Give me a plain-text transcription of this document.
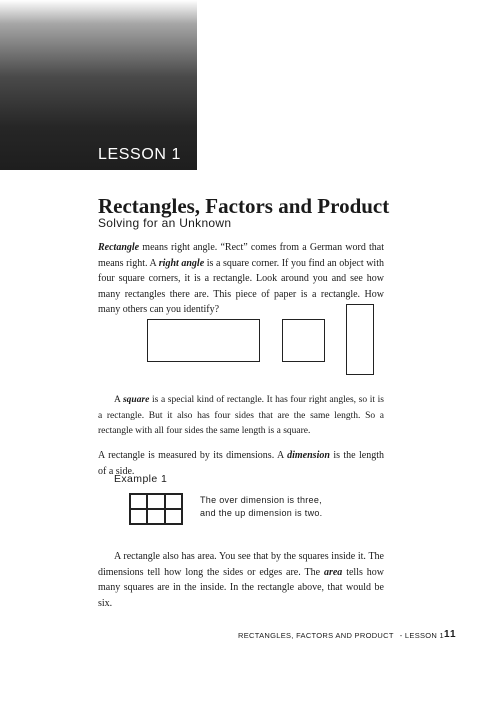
LESSON 1
Rectangles, Factors and Product
Solving for an Unknown

Rectangle means right angle. “Rect” comes from a German word that means right. A right angle is a square corner. If you find an object with four square corners, it is a rectangle. Look around you and see how many rectangles there are. This piece of paper is a rectangle. How many others can you identify?

A square is a special kind of rectangle. It has four right angles, so it is a rectangle. But it also has four sides that are the same length. So a rectangle with all four sides the same length is a square.

A rectangle is measured by its dimensions. A dimension is the length of a side.

Example 1
The over dimension is three,
and the up dimension is two.

A rectangle also has area. You see that by the squares inside it. The dimensions tell how long the sides or edges are. The area tells how many squares are in the inside. In the rectangle above, that would be six.

RECTANGLES, FACTORS AND PRODUCT - LESSON 1 11
